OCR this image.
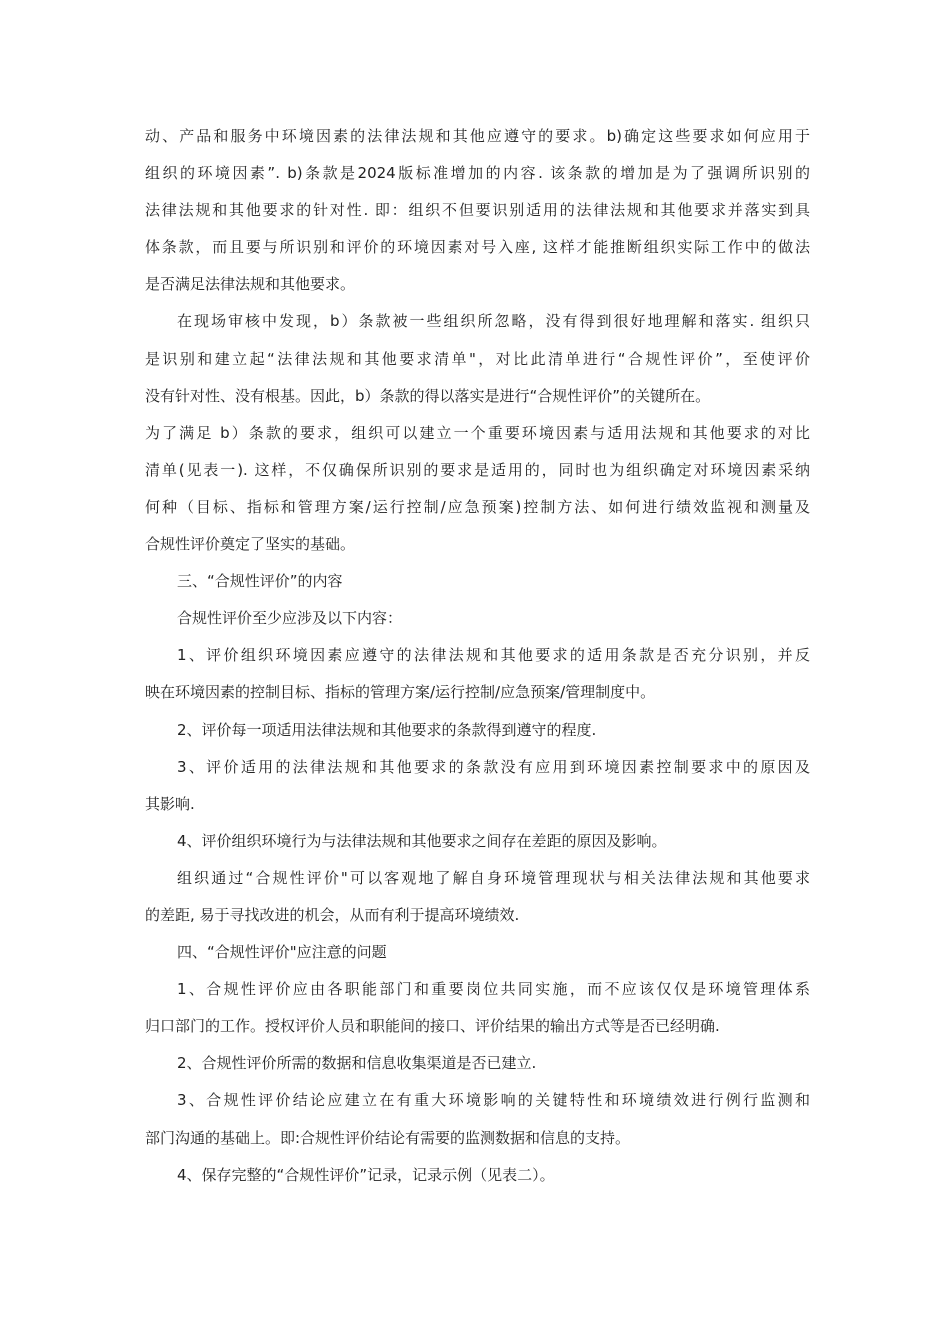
动、产品和服务中环境因素的法律法规和其他应遵守的要求。b)确定这些要求如何应用于
组织的环境因素”. b)条款是2024版标准增加的内容. 该条款的增加是为了强调所识别的
法律法规和其他要求的针对性. 即：组织不但要识别适用的法律法规和其他要求并落实到具
体条款，而且要与所识别和评价的环境因素对号入座, 这样才能推断组织实际工作中的做法
是否满足法律法规和其他要求。
在现场审核中发现，b）条款被一些组织所忽略，没有得到很好地理解和落实. 组织只
是识别和建立起“法律法规和其他要求清单"，对比此清单进行“合规性评价”，至使评价
没有针对性、没有根基。因此，b）条款的得以落实是进行“合规性评价”的关键所在。
为了满足 b）条款的要求，组织可以建立一个重要环境因素与适用法规和其他要求的对比
清单(见表一). 这样，不仅确保所识别的要求是适用的，同时也为组织确定对环境因素采纳
何种（目标、指标和管理方案/运行控制/应急预案)控制方法、如何进行绩效监视和测量及
合规性评价奠定了坚实的基础。
三、“合规性评价”的内容
合规性评价至少应涉及以下内容：
1、评价组织环境因素应遵守的法律法规和其他要求的适用条款是否充分识别，并反
映在环境因素的控制目标、指标的管理方案/运行控制/应急预案/管理制度中。
2、评价每一项适用法律法规和其他要求的条款得到遵守的程度.
3、评价适用的法律法规和其他要求的条款没有应用到环境因素控制要求中的原因及
其影响.
4、评价组织环境行为与法律法规和其他要求之间存在差距的原因及影响。
组织通过“合规性评价"可以客观地了解自身环境管理现状与相关法律法规和其他要求
的差距, 易于寻找改进的机会，从而有利于提高环境绩效.
四、“合规性评价"应注意的问题
1、合规性评价应由各职能部门和重要岗位共同实施，而不应该仅仅是环境管理体系
归口部门的工作。授权评价人员和职能间的接口、评价结果的输出方式等是否已经明确.
2、合规性评价所需的数据和信息收集渠道是否已建立.
3、合规性评价结论应建立在有重大环境影响的关键特性和环境绩效进行例行监测和
部门沟通的基础上。即:合规性评价结论有需要的监测数据和信息的支持。
4、保存完整的“合规性评价”记录，记录示例（见表二）。
